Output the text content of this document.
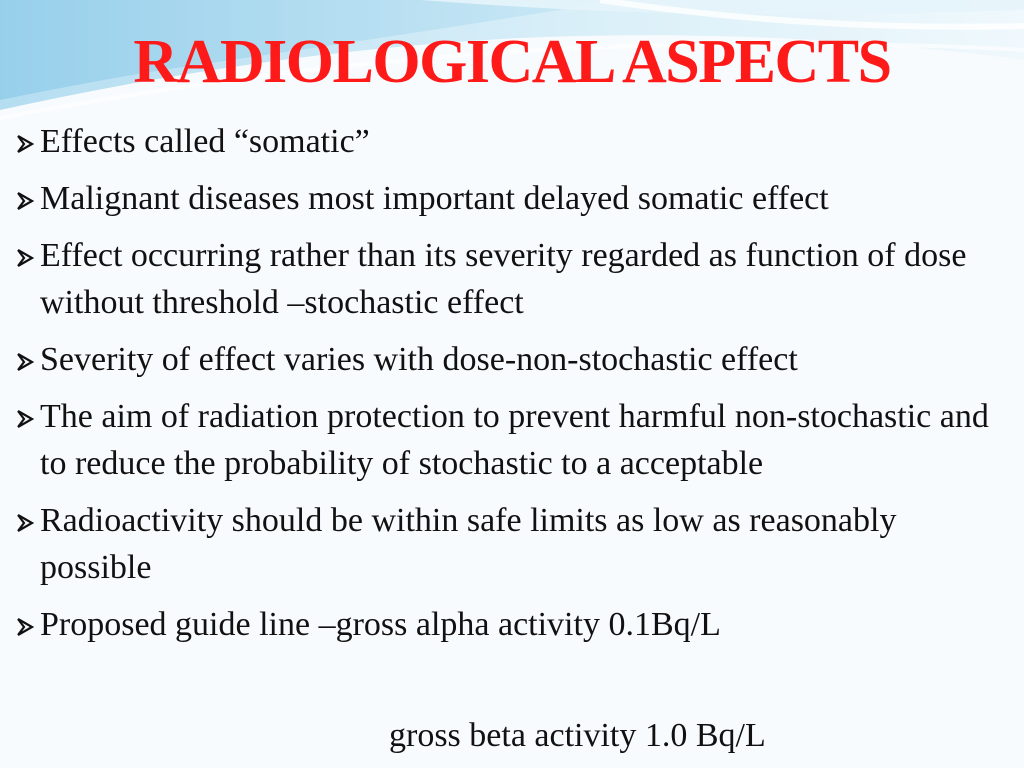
RADIOLOGICAL ASPECTS
Effects called “somatic”
Malignant diseases most important delayed somatic effect
Effect occurring rather than its severity regarded as function of dose without threshold –stochastic effect
Severity of effect varies with dose-non-stochastic effect
The aim of radiation protection to prevent harmful non-stochastic and to reduce the probability of stochastic to a acceptable
Radioactivity should be within safe limits as low as reasonably possible
Proposed guide line –gross alpha activity 0.1Bq/L
gross beta activity 1.0 Bq/L
